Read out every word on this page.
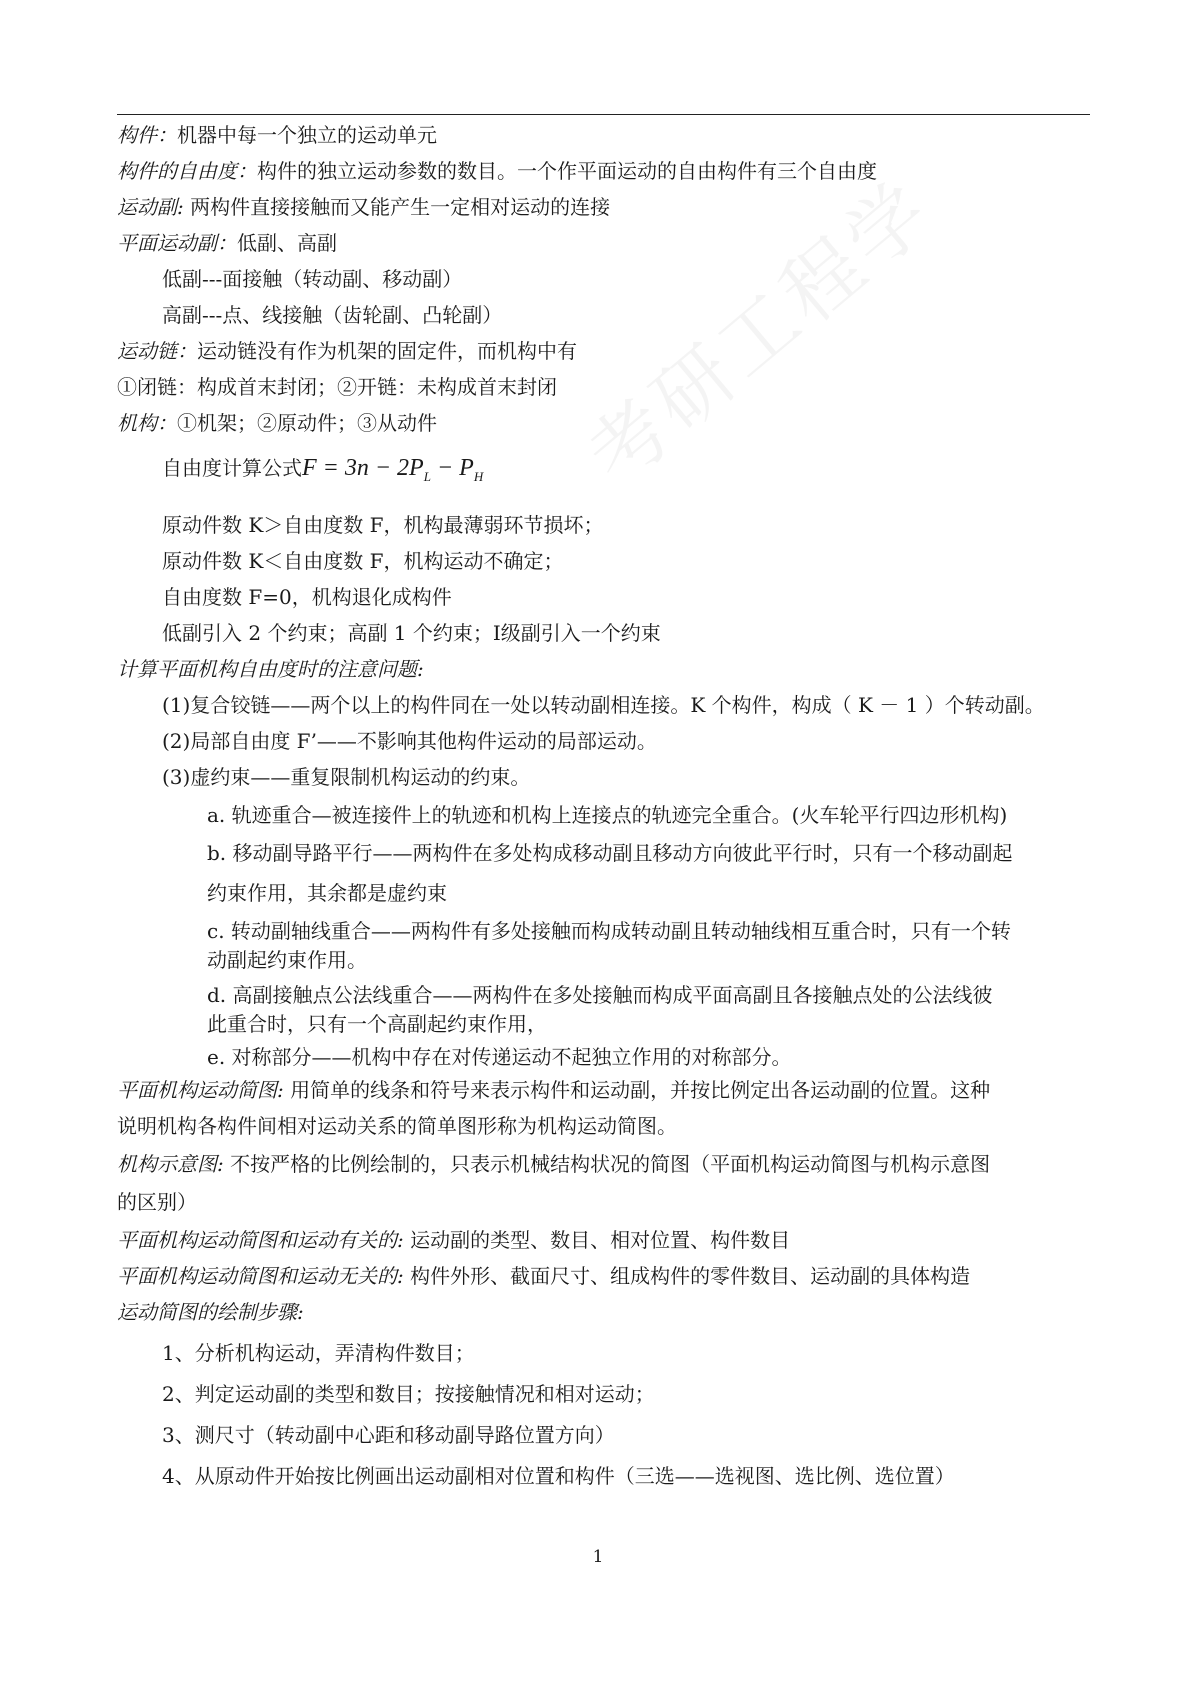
构件：机器中每一个独立的运动单元

构件的自由度：构件的独立运动参数的数目。一个作平面运动的自由构件有三个自由度

运动副: 两构件直接接触而又能产生一定相对运动的连接

平面运动副：低副、高副

低副---面接触（转动副、移动副）

高副---点、线接触（齿轮副、凸轮副）

运动链：运动链没有作为机架的固定件，而机构中有

①闭链：构成首末封闭；②开链：未构成首末封闭

机构：①机架；②原动件；③从动件

自由度计算公式$F = 3n - 2P_L - P_H$

原动件数 K＞自由度数 F，机构最薄弱环节损坏；

原动件数 K＜自由度数 F，机构运动不确定；

自由度数 F=0，机构退化成构件

低副引入 2 个约束；高副 1 个约束；Ⅰ级副引入一个约束

计算平面机构自由度时的注意问题:

(1)复合铰链——两个以上的构件同在一处以转动副相连接。K 个构件，构成（ K － 1 ）个转动副。

(2)局部自由度 F’——不影响其他构件运动的局部运动。

(3)虚约束——重复限制机构运动的约束。

a. 轨迹重合—被连接件上的轨迹和机构上连接点的轨迹完全重合。(火车轮平行四边形机构)

b. 移动副导路平行——两构件在多处构成移动副且移动方向彼此平行时，只有一个移动副起

约束作用，其余都是虚约束

c. 转动副轴线重合——两构件有多处接触而构成转动副且转动轴线相互重合时，只有一个转

动副起约束作用。

d. 高副接触点公法线重合——两构件在多处接触而构成平面高副且各接触点处的公法线彼

此重合时，只有一个高副起约束作用，

e. 对称部分——机构中存在对传递运动不起独立作用的对称部分。

平面机构运动简图: 用简单的线条和符号来表示构件和运动副，并按比例定出各运动副的位置。这种

说明机构各构件间相对运动关系的简单图形称为机构运动简图。

机构示意图: 不按严格的比例绘制的，只表示机械结构状况的简图（平面机构运动简图与机构示意图

的区别）

平面机构运动简图和运动有关的: 运动副的类型、数目、相对位置、构件数目

平面机构运动简图和运动无关的: 构件外形、截面尺寸、组成构件的零件数目、运动副的具体构造

运动简图的绘制步骤:

1、分析机构运动，弄清构件数目；

2、判定运动副的类型和数目；按接触情况和相对运动；

3、测尺寸（转动副中心距和移动副导路位置方向）

4、从原动件开始按比例画出运动副相对位置和构件（三选——选视图、选比例、选位置）

1
